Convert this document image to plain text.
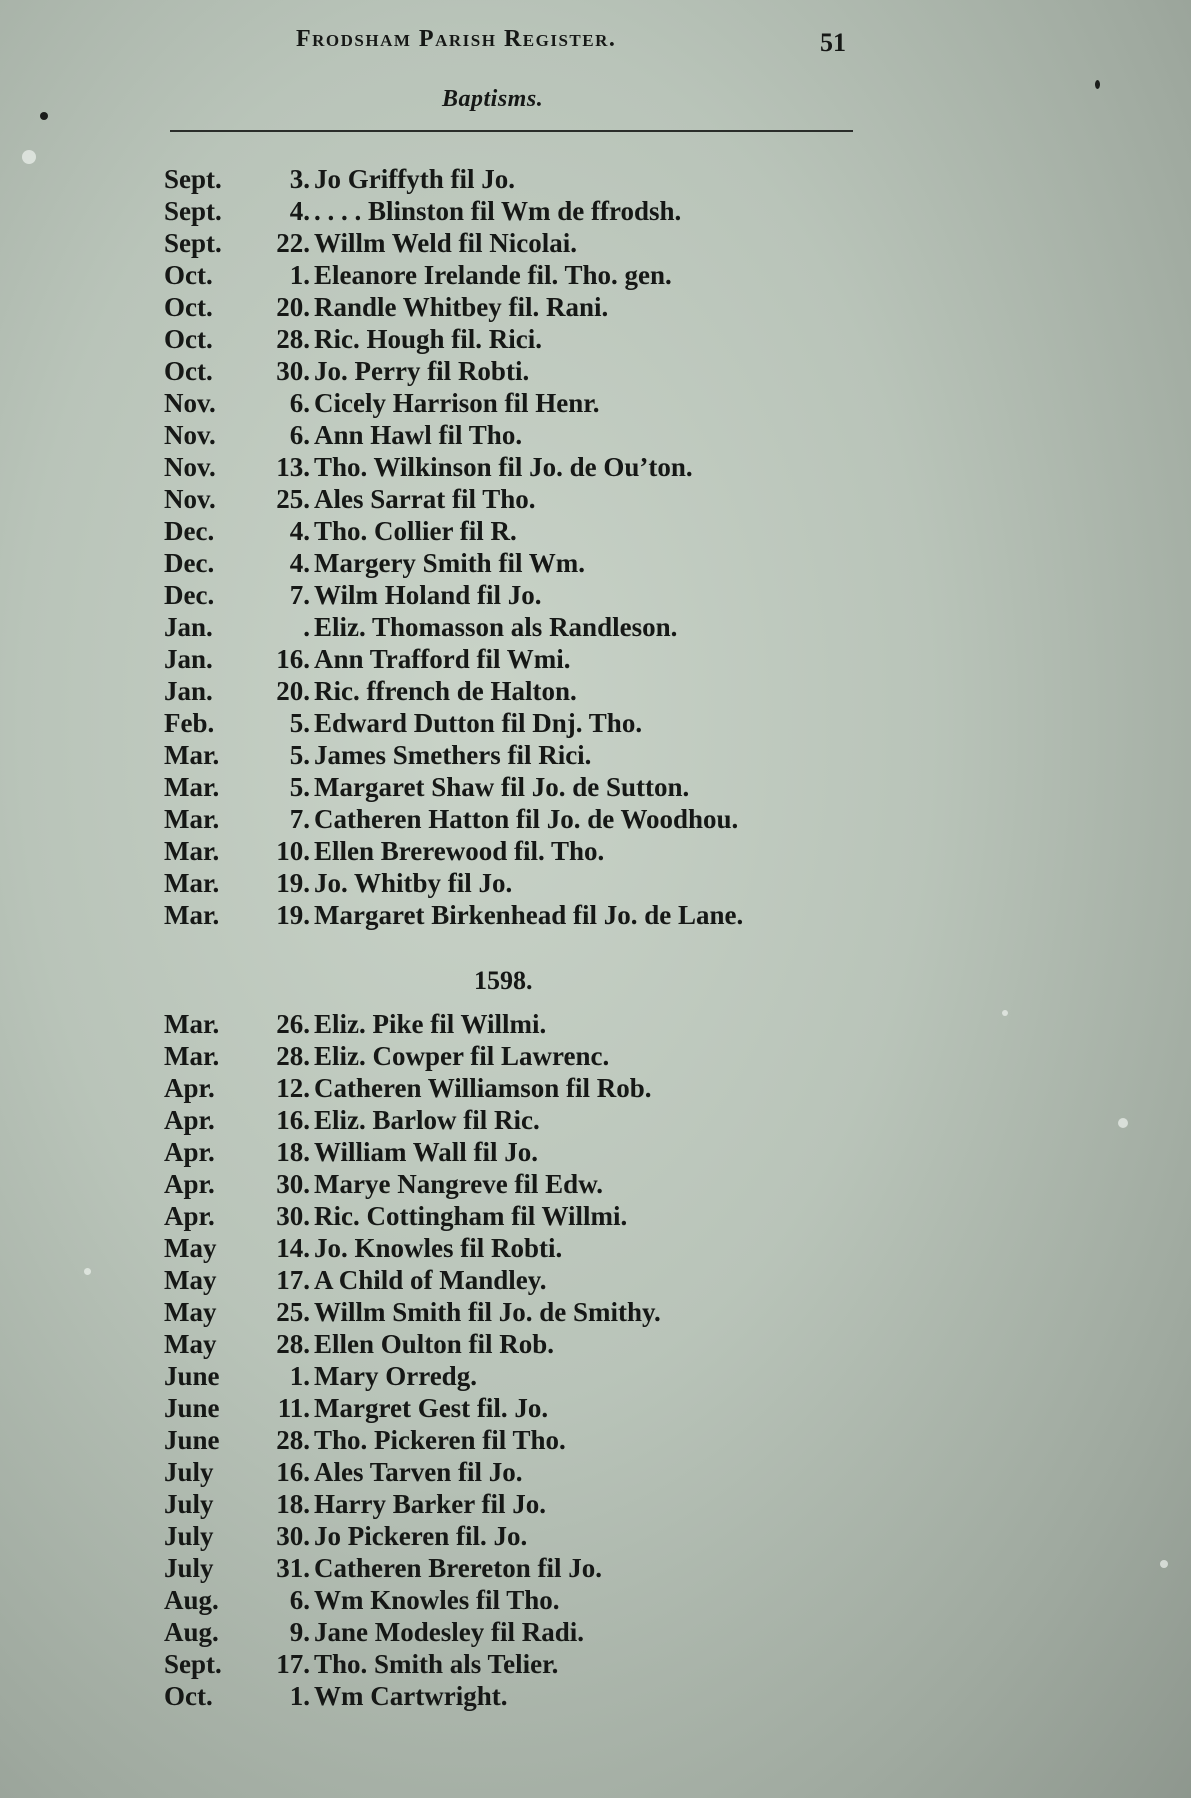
Frodsham Parish Register.	51
Baptisms.
Sept.	3. Jo Griffyth fil Jo.
Sept.	4. . . . . Blinston fil Wm de ffrodsh.
Sept.	22. Willm Weld fil Nicolai.
Oct.	1. Eleanore Irelande fil. Tho. gen.
Oct.	20. Randle Whitbey fil. Rani.
Oct.	28. Ric. Hough fil. Rici.
Oct.	30. Jo. Perry fil Robti.
Nov.	6. Cicely Harrison fil Henr.
Nov.	6. Ann Hawl fil Tho.
Nov.	13. Tho. Wilkinson fil Jo. de Ou’ton.
Nov.	25. Ales Sarrat fil Tho.
Dec.	4. Tho. Collier fil R.
Dec.	4. Margery Smith fil Wm.
Dec.	7. Wilm Holand fil Jo.
Jan.	. Eliz. Thomasson als Randleson.
Jan.	16. Ann Trafford fil Wmi.
Jan.	20. Ric. ffrench de Halton.
Feb.	5. Edward Dutton fil Dnj. Tho.
Mar.	5. James Smethers fil Rici.
Mar.	5. Margaret Shaw fil Jo. de Sutton.
Mar.	7. Catheren Hatton fil Jo. de Woodhou.
Mar.	10. Ellen Brerewood fil. Tho.
Mar.	19. Jo. Whitby fil Jo.
Mar.	19. Margaret Birkenhead fil Jo. de Lane.
1598.
Mar.	26. Eliz. Pike fil Willmi.
Mar.	28. Eliz. Cowper fil Lawrenc.
Apr.	12. Catheren Williamson fil Rob.
Apr.	16. Eliz. Barlow fil Ric.
Apr.	18. William Wall fil Jo.
Apr.	30. Marye Nangreve fil Edw.
Apr.	30. Ric. Cottingham fil Willmi.
May	14. Jo. Knowles fil Robti.
May	17. A Child of Mandley.
May	25. Willm Smith fil Jo. de Smithy.
May	28. Ellen Oulton fil Rob.
June	1. Mary Orredg.
June	11. Margret Gest fil. Jo.
June	28. Tho. Pickeren fil Tho.
July	16. Ales Tarven fil Jo.
July	18. Harry Barker fil Jo.
July	30. Jo Pickeren fil. Jo.
July	31. Catheren Brereton fil Jo.
Aug.	6. Wm Knowles fil Tho.
Aug.	9. Jane Modesley fil Radi.
Sept.	17. Tho. Smith als Telier.
Oct.	1. Wm Cartwright.
